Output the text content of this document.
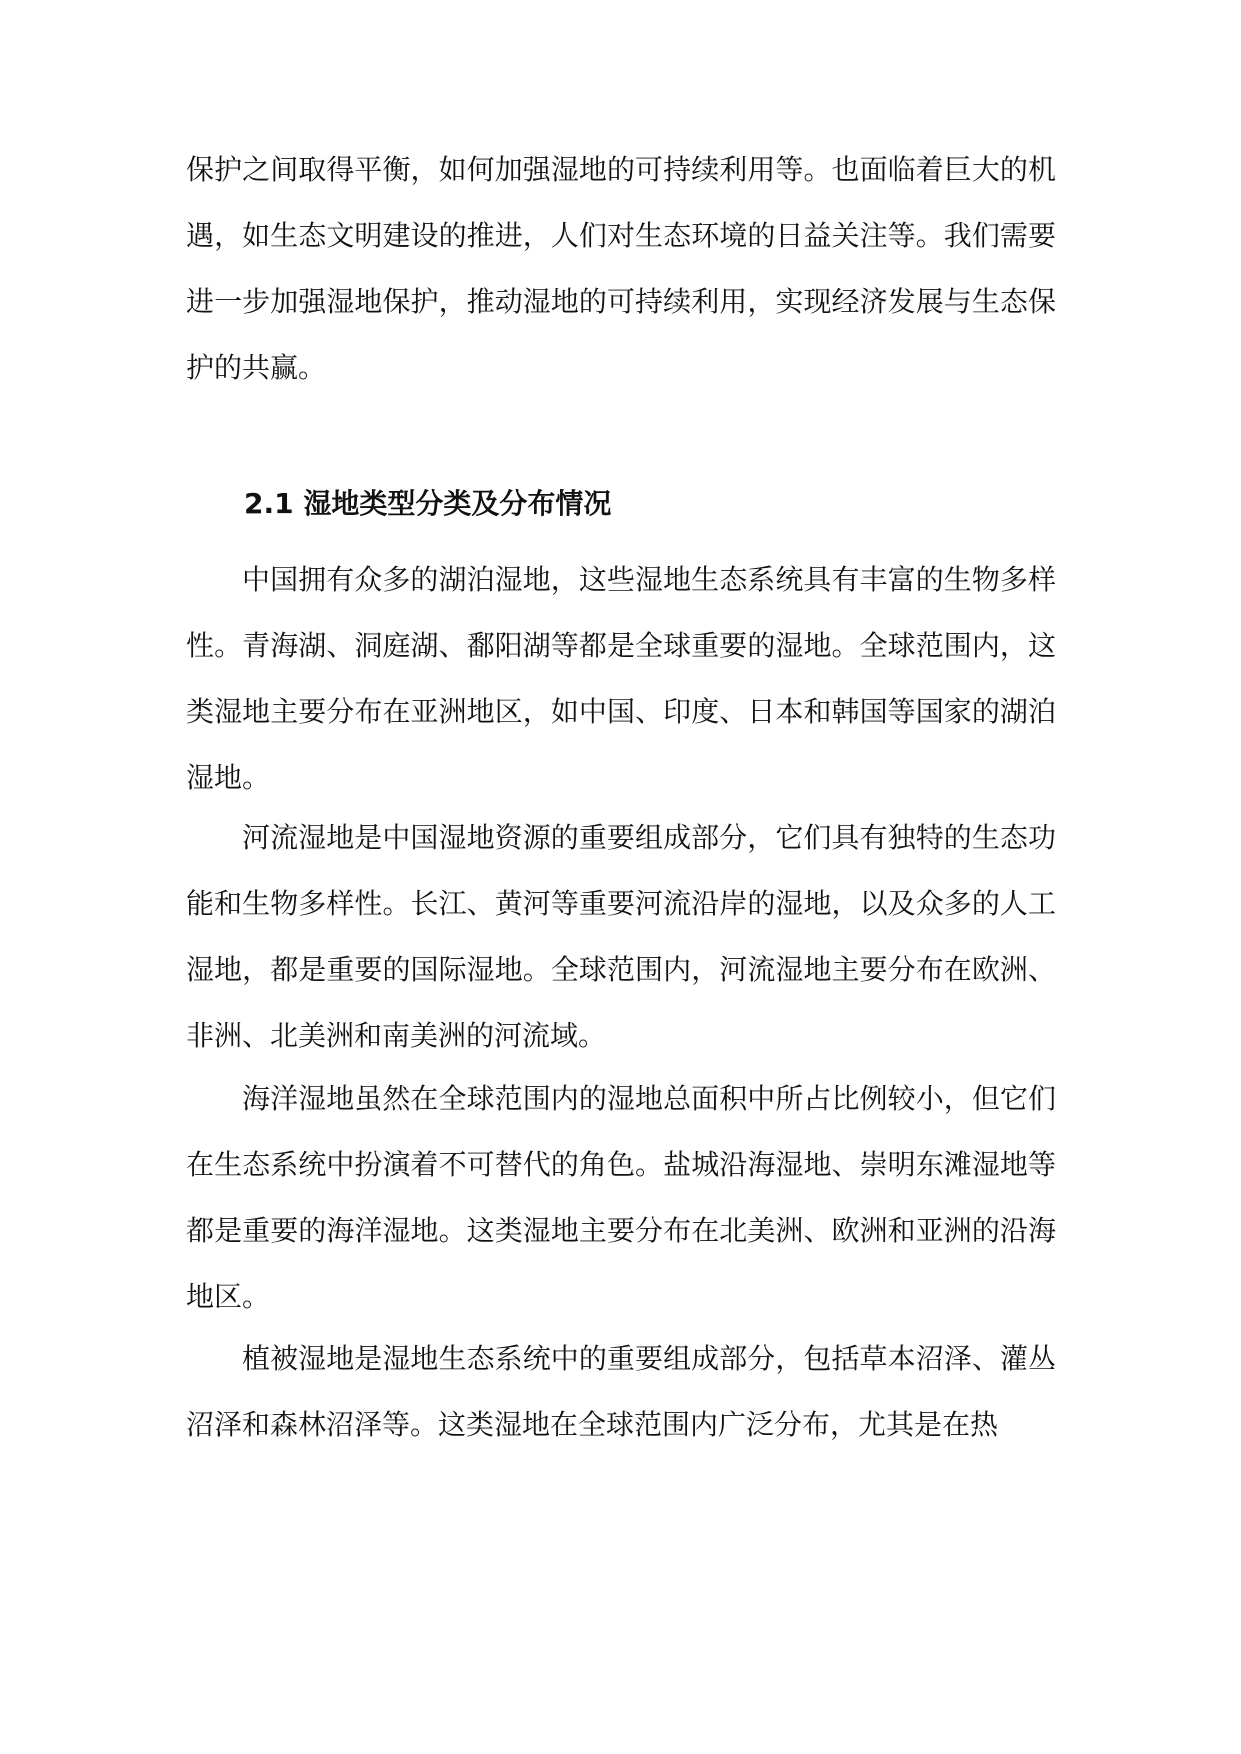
保护之间取得平衡，如何加强湿地的可持续利用等。也面临着巨大的机遇，如生态文明建设的推进，人们对生态环境的日益关注等。我们需要进一步加强湿地保护，推动湿地的可持续利用，实现经济发展与生态保护的共赢。

2.1 湿地类型分类及分布情况

中国拥有众多的湖泊湿地，这些湿地生态系统具有丰富的生物多样性。青海湖、洞庭湖、鄱阳湖等都是全球重要的湿地。全球范围内，这类湿地主要分布在亚洲地区，如中国、印度、日本和韩国等国家的湖泊湿地。

河流湿地是中国湿地资源的重要组成部分，它们具有独特的生态功能和生物多样性。长江、黄河等重要河流沿岸的湿地，以及众多的人工湿地，都是重要的国际湿地。全球范围内，河流湿地主要分布在欧洲、非洲、北美洲和南美洲的河流域。

海洋湿地虽然在全球范围内的湿地总面积中所占比例较小，但它们在生态系统中扮演着不可替代的角色。盐城沿海湿地、崇明东滩湿地等都是重要的海洋湿地。这类湿地主要分布在北美洲、欧洲和亚洲的沿海地区。

植被湿地是湿地生态系统中的重要组成部分，包括草本沼泽、灌丛沼泽和森林沼泽等。这类湿地在全球范围内广泛分布，尤其是在热
